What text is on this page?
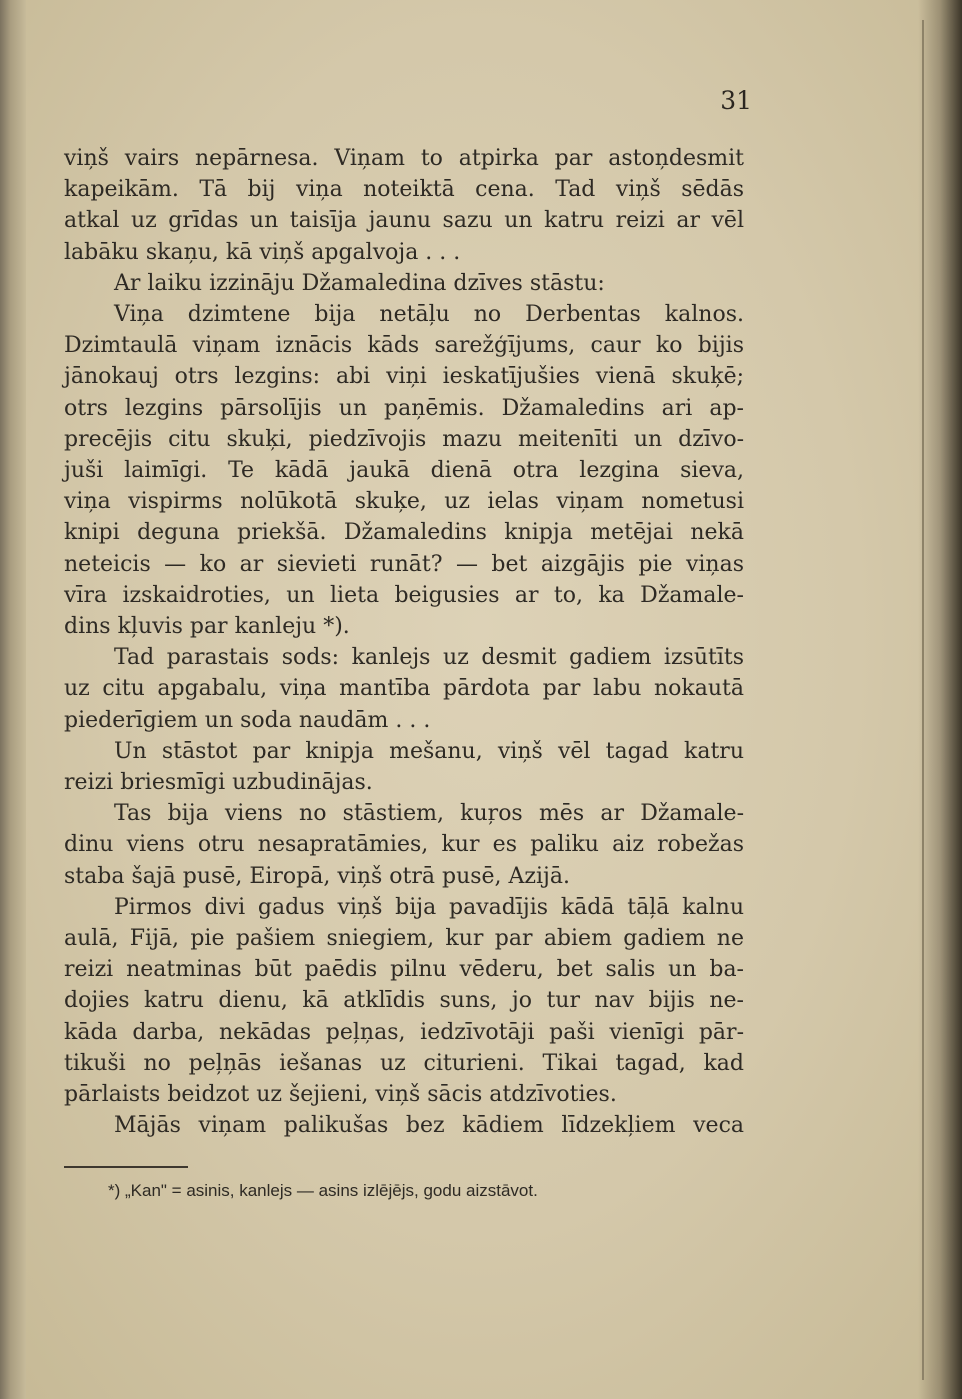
31
viņš vairs nepārnesa. Viņam to atpirka par astoņdesmit
kapeikām. Tā bij viņa noteiktā cena. Tad viņš sēdās
atkal uz grīdas un taisīja jaunu sazu un katru reizi ar vēl
labāku skaņu, kā viņš apgalvoja . . .
Ar laiku izzināju Džamaledina dzīves stāstu:
Viņa dzimtene bija netāļu no Derbentas kalnos.
Dzimtaulā viņam iznācis kāds sarežģījums, caur ko bijis
jānokauj otrs lezgins: abi viņi ieskatījušies vienā skuķē;
otrs lezgins pārsolījis un paņēmis. Džamaledins ari ap-
precējis citu skuķi, piedzīvojis mazu meitenīti un dzīvo-
juši laimīgi. Te kādā jaukā dienā otra lezgina sieva,
viņa vispirms nolūkotā skuķe, uz ielas viņam nometusi
knipi deguna priekšā. Džamaledins knipja metējai nekā
neteicis — ko ar sievieti runāt? — bet aizgājis pie viņas
vīra izskaidroties, un lieta beigusies ar to, ka Džamale-
dins kļuvis par kanleju *).
Tad parastais sods: kanlejs uz desmit gadiem izsūtīts
uz citu apgabalu, viņa mantība pārdota par labu nokautā
piederīgiem un soda naudām . . .
Un stāstot par knipja mešanu, viņš vēl tagad katru
reizi briesmīgi uzbudinājas.
Tas bija viens no stāstiem, kuŗos mēs ar Džamale-
dinu viens otru nesapratāmies, kur es paliku aiz robežas
staba šajā pusē, Eiropā, viņš otrā pusē, Azijā.
Pirmos divi gadus viņš bija pavadījis kādā tāļā kalnu
aulā, Fijā, pie pašiem sniegiem, kur par abiem gadiem ne
reizi neatminas būt paēdis pilnu vēderu, bet salis un ba-
dojies katru dienu, kā atklīdis suns, jo tur nav bijis ne-
kāda darba, nekādas peļņas, iedzīvotāji paši vienīgi pār-
tikuši no peļņās iešanas uz citurieni. Tikai tagad, kad
pārlaists beidzot uz šejieni, viņš sācis atdzīvoties.
Mājās viņam palikušas bez kādiem līdzekļiem veca
*) „Kan" = asinis, kanlejs — asins izlējējs, godu aizstāvot.
